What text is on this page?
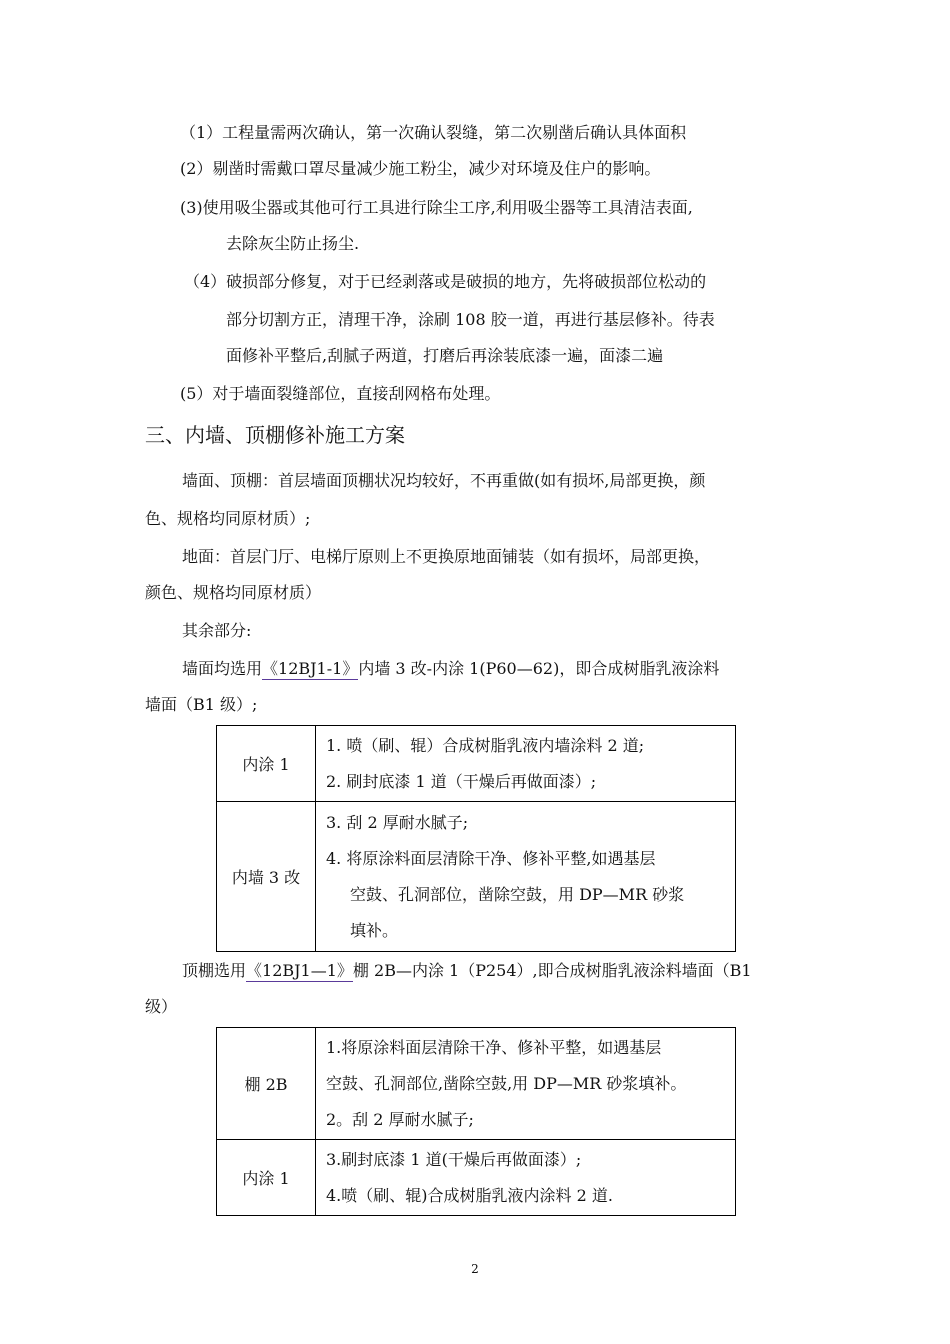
（1）工程量需两次确认，第一次确认裂缝，第二次剔凿后确认具体面积
(2）剔凿时需戴口罩尽量减少施工粉尘，减少对环境及住户的影响。
(3)使用吸尘器或其他可行工具进行除尘工序,利用吸尘器等工具清洁表面,
去除灰尘防止扬尘.
（4）破损部分修复，对于已经剥落或是破损的地方，先将破损部位松动的
部分切割方正，清理干净，涂刷 108 胶一道，再进行基层修补。待表
面修补平整后,刮腻子两道，打磨后再涂装底漆一遍，面漆二遍
(5）对于墙面裂缝部位，直接刮网格布处理。
三、内墙、顶棚修补施工方案
墙面、顶棚：首层墙面顶棚状况均较好，不再重做(如有损坏,局部更换，颜
色、规格均同原材质）;
地面：首层门厅、电梯厅原则上不更换原地面铺装（如有损坏，局部更换，
颜色、规格均同原材质）
其余部分:
墙面均选用《12BJ1-1》内墙 3 改-内涂 1(P60—62)，即合成树脂乳液涂料
墙面（B1 级）;
内涂 1	1. 喷（刷、辊）合成树脂乳液内墙涂料 2 道;
2. 刷封底漆 1 道（干燥后再做面漆）;

内墙 3 改	3. 刮 2 厚耐水腻子;
4. 将原涂料面层清除干净、修补平整,如遇基层
空鼓、孔洞部位，凿除空鼓，用 DP—MR 砂浆
填补。
顶棚选用《12BJ1—1》棚 2B—内涂 1（P254）,即合成树脂乳液涂料墙面（B1
级）
棚 2B	1.将原涂料面层清除干净、修补平整，如遇基层
空鼓、孔洞部位,凿除空鼓,用 DP—MR 砂浆填补。
2。刮 2 厚耐水腻子;

内涂 1	3.刷封底漆 1 道(干燥后再做面漆）;
4.喷（刷、辊)合成树脂乳液内涂料 2 道.
2
